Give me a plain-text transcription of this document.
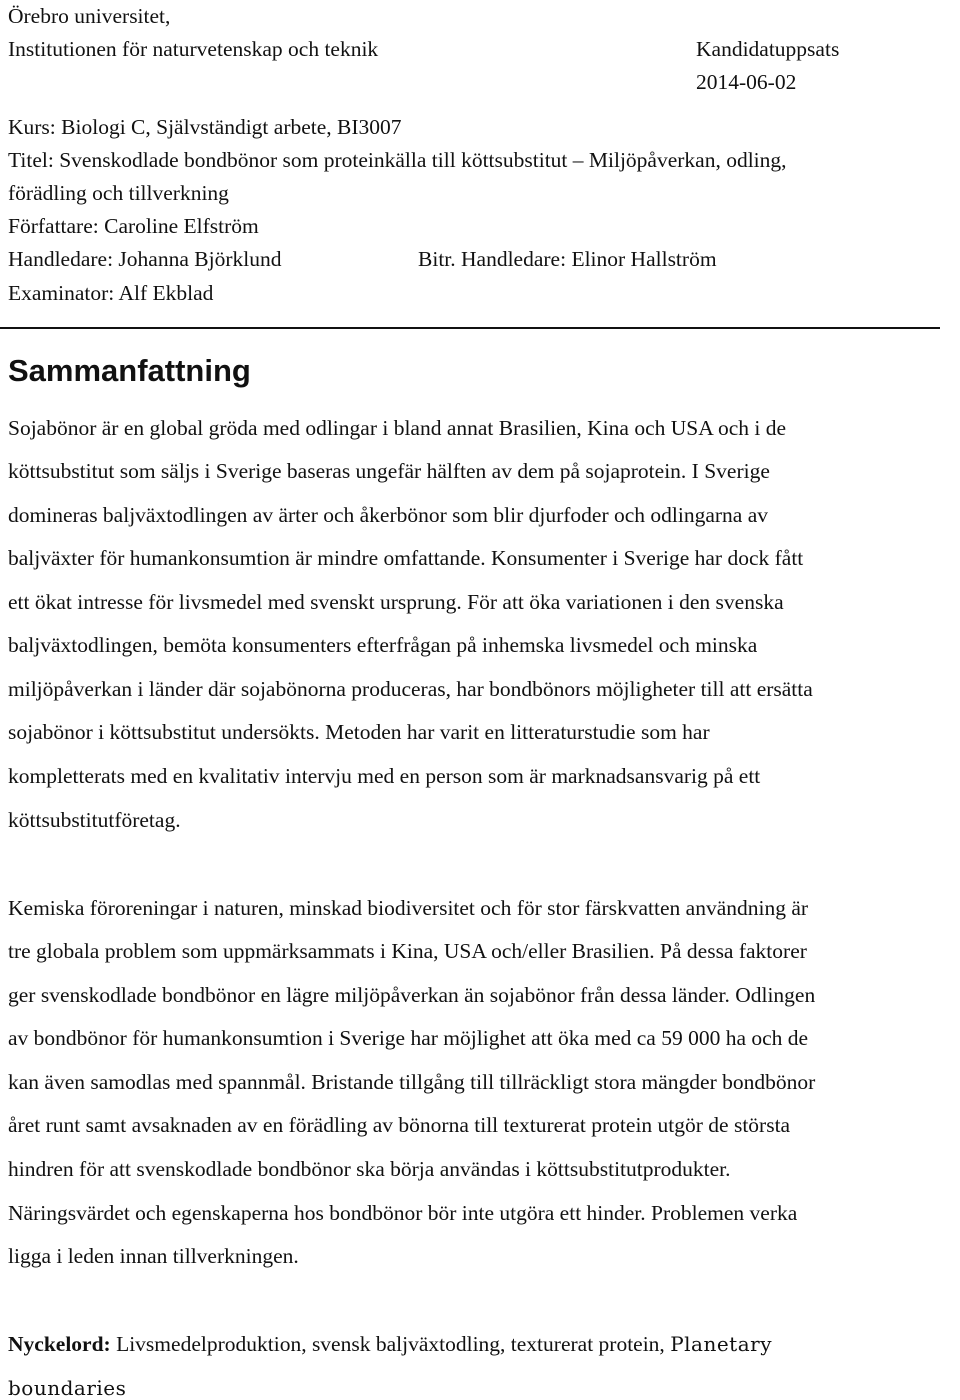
Örebro universitet,
Institutionen för naturvetenskap och teknik	Kandidatuppsats
2014-06-02
Kurs: Biologi C, Självständigt arbete, BI3007
Titel: Svenskodlade bondbönor som proteinkälla till köttsubstitut – Miljöpåverkan, odling,
förädling och tillverkning
Författare: Caroline Elfström
Handledare: Johanna Björklund	Bitr. Handledare: Elinor Hallström
Examinator: Alf Ekblad
Sammanfattning
Sojabönor är en global gröda med odlingar i bland annat Brasilien, Kina och USA och i de
köttsubstitut som säljs i Sverige baseras ungefär hälften av dem på sojaprotein. I Sverige
domineras baljväxtodlingen av ärter och åkerbönor som blir djurfoder och odlingarna av
baljväxter för humankonsumtion är mindre omfattande. Konsumenter i Sverige har dock fått
ett ökat intresse för livsmedel med svenskt ursprung. För att öka variationen i den svenska
baljväxtodlingen, bemöta konsumenters efterfrågan på inhemska livsmedel och minska
miljöpåverkan i länder där sojabönorna produceras, har bondbönors möjligheter till att ersätta
sojabönor i köttsubstitut undersökts. Metoden har varit en litteraturstudie som har
kompletterats med en kvalitativ intervju med en person som är marknadsansvarig på ett
köttsubstitutföretag.
Kemiska föroreningar i naturen, minskad biodiversitet och för stor färskvatten användning är
tre globala problem som uppmärksammats i Kina, USA och/eller Brasilien. På dessa faktorer
ger svenskodlade bondbönor en lägre miljöpåverkan än sojabönor från dessa länder. Odlingen
av bondbönor för humankonsumtion i Sverige har möjlighet att öka med ca 59 000 ha och de
kan även samodlas med spannmål. Bristande tillgång till tillräckligt stora mängder bondbönor
året runt samt avsaknaden av en förädling av bönorna till texturerat protein utgör de största
hindren för att svenskodlade bondbönor ska börja användas i köttsubstitutprodukter.
Näringsvärdet och egenskaperna hos bondbönor bör inte utgöra ett hinder. Problemen verka
ligga i leden innan tillverkningen.
Nyckelord: Livsmedelproduktion, svensk baljväxtodling, texturerat protein, Planetary
boundaries
